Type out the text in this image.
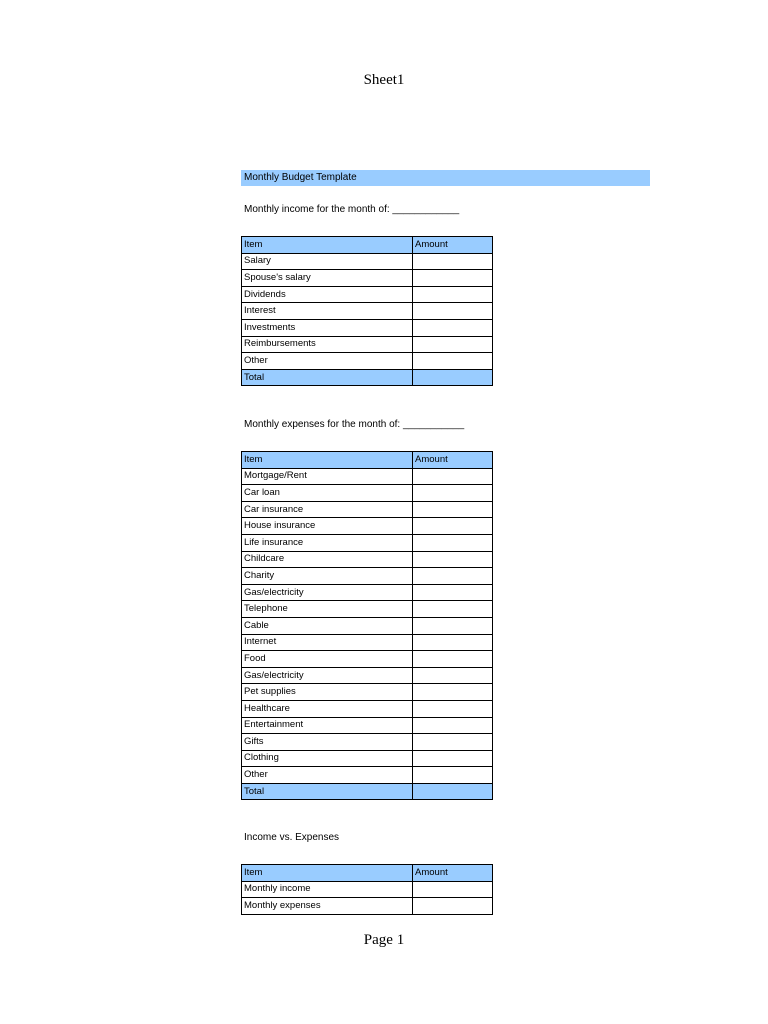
Sheet1
Monthly Budget Template
Monthly income for the month of: ____________
Item	Amount
Salary	
Spouse's salary	
Dividends	
Interest	
Investments	
Reimbursements	
Other	
Total	
Monthly expenses for the month of: ___________
Item	Amount
Mortgage/Rent	
Car loan	
Car insurance	
House insurance	
Life insurance	
Childcare	
Charity	
Gas/electricity	
Telephone	
Cable	
Internet	
Food	
Gas/electricity	
Pet supplies	
Healthcare	
Entertainment	
Gifts	
Clothing	
Other	
Total	
Income vs. Expenses
Item	Amount
Monthly income	
Monthly expenses	
Page 1
